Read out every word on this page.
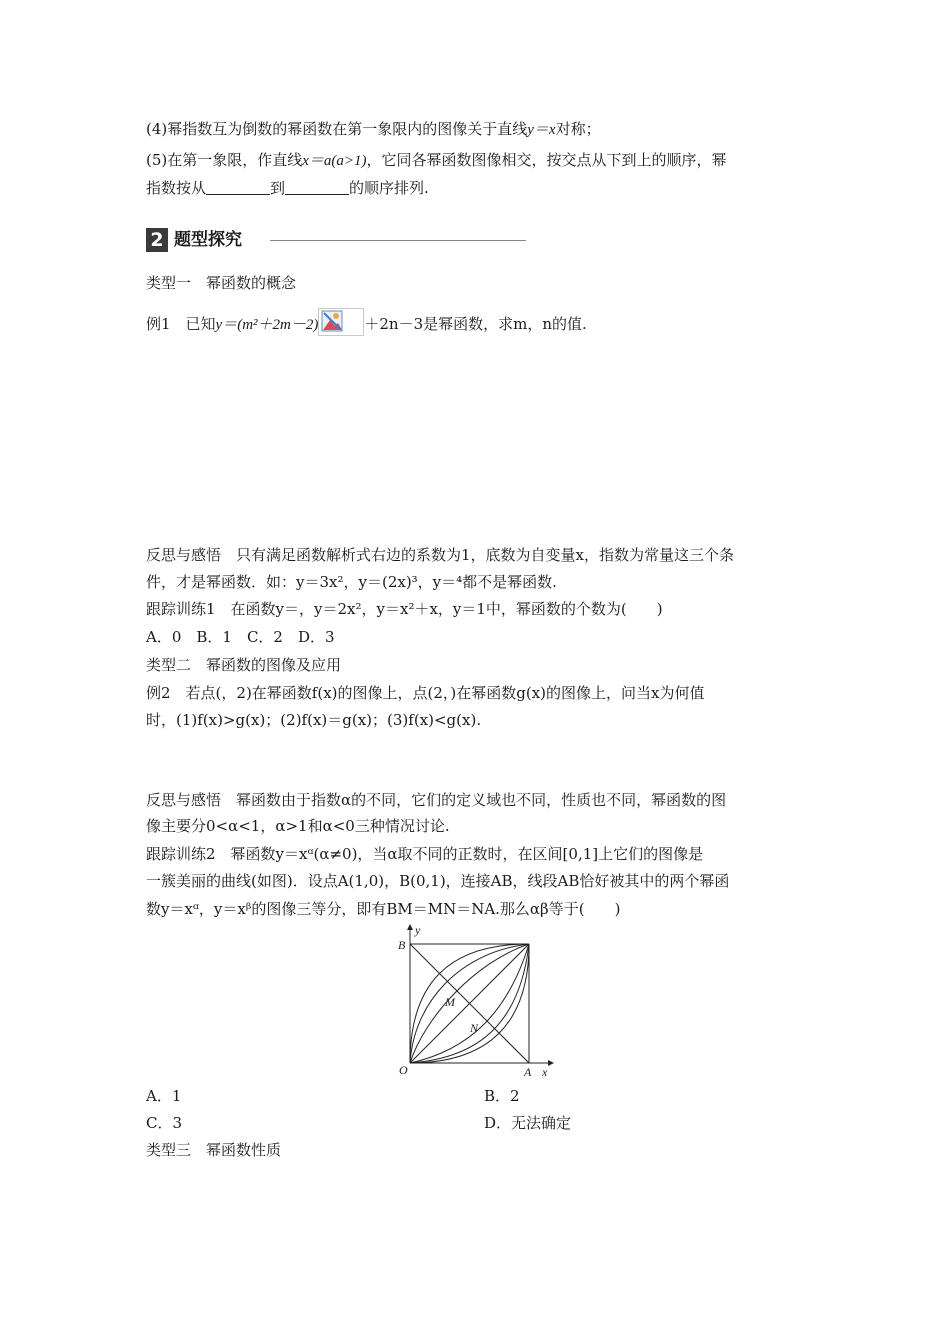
(4)幂指数互为倒数的幂函数在第一象限内的图像关于直线y＝x对称；
(5)在第一象限，作直线x＝a(a>1)，它同各幂函数图像相交，按交点从下到上的顺序，幂
指数按从	到	的顺序排列.
2 题型探究
类型一　幂函数的概念
例1　已知y＝(m²＋2m－2)	＋2n－3是幂函数，求m，n的值.
反思与感悟　只有满足函数解析式右边的系数为1，底数为自变量x，指数为常量这三个条
件，才是幂函数．如：y＝3x²，y＝(2x)³，y＝⁴都不是幂函数.
跟踪训练1　在函数y＝，y＝2x²，y＝x²＋x，y＝1中，幂函数的个数为(　　)
A．0　B．1　C．2　D．3
类型二　幂函数的图像及应用
例2　若点(，2)在幂函数f(x)的图像上，点(2，)在幂函数g(x)的图像上，问当x为何值
时，(1)f(x)>g(x)；(2)f(x)＝g(x)；(3)f(x)<g(x).
反思与感悟　幂函数由于指数α的不同，它们的定义域也不同，性质也不同，幂函数的图
像主要分0<α<1，α>1和α<0三种情况讨论.
跟踪训练2　幂函数y＝xᵅ(α≠0)，当α取不同的正数时，在区间[0,1]上它们的图像是
一簇美丽的曲线(如图)．设点A(1,0)，B(0,1)，连接AB，线段AB恰好被其中的两个幂函
数y＝xᵅ，y＝xᵝ的图像三等分，即有BM＝MN＝NA.那么αβ等于(　　)
B
y
M
N
O	A x
A．1	B．2
C．3	D．无法确定
类型三　幂函数性质
